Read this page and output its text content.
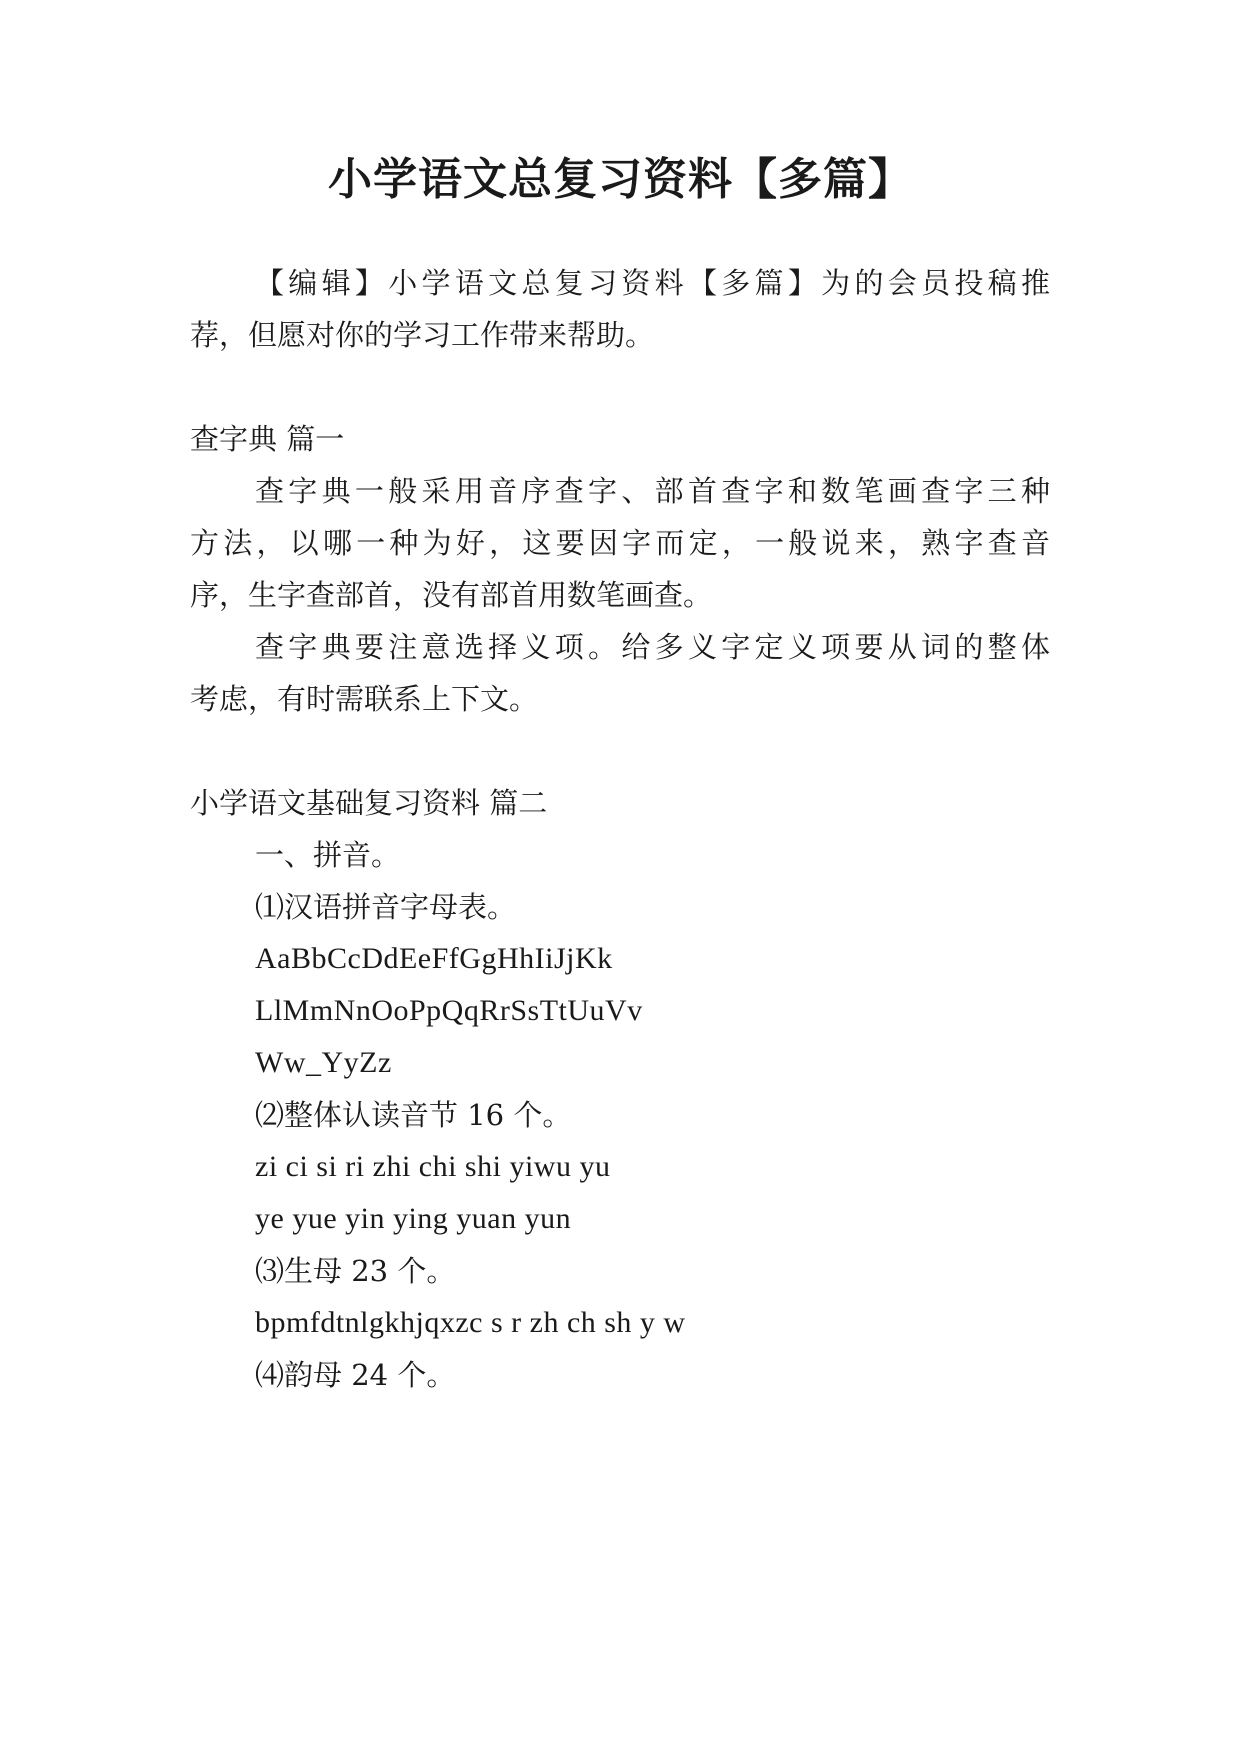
小学语文总复习资料【多篇】
【编辑】小学语文总复习资料【多篇】为的会员投稿推
荐，但愿对你的学习工作带来帮助。
查字典 篇一
查字典一般采用音序查字、部首查字和数笔画查字三种
方法，以哪一种为好，这要因字而定，一般说来，熟字查音
序，生字查部首，没有部首用数笔画查。
查字典要注意选择义项。给多义字定义项要从词的整体
考虑，有时需联系上下文。
小学语文基础复习资料 篇二
一、拼音。
⑴汉语拼音字母表。
AaBbCcDdEeFfGgHhIiJjKk
LlMmNnOoPpQqRrSsTtUuVv
Ww_YyZz
⑵整体认读音节 16 个。
zi ci si ri zhi chi shi yiwu yu
ye yue yin ying yuan yun
⑶生母 23 个。
bpmfdtnlgkhjqxzc s r zh ch sh y w
⑷韵母 24 个。
